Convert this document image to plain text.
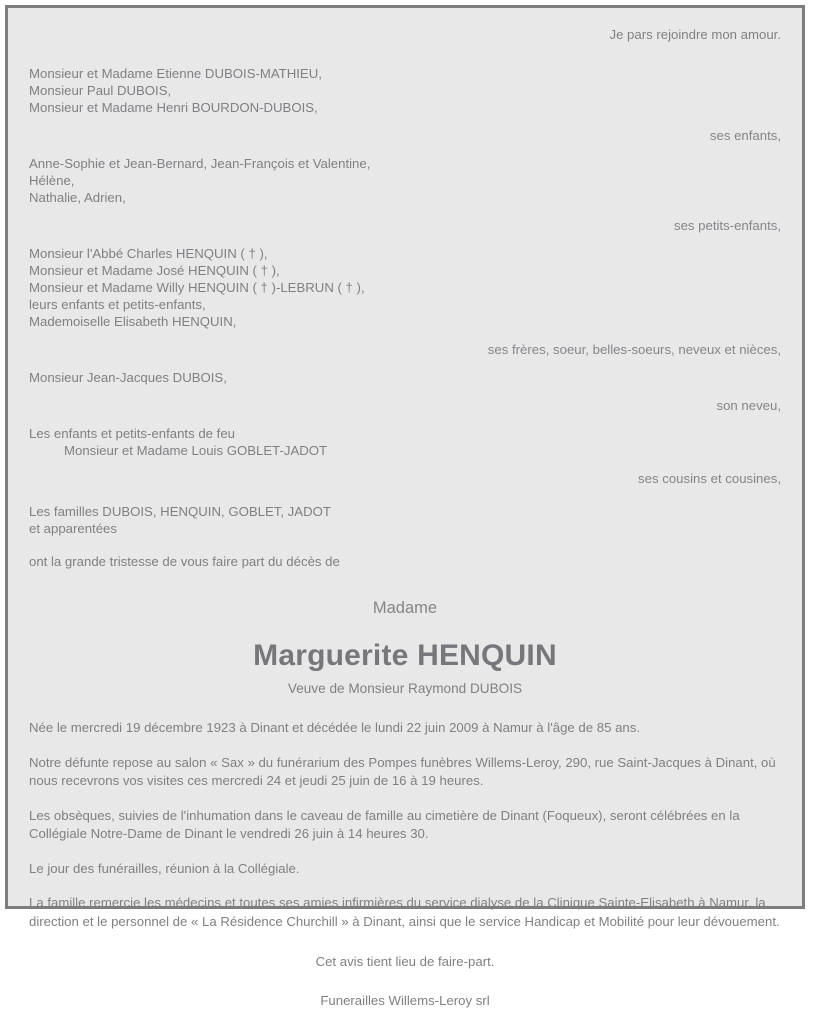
Je pars rejoindre mon amour.
Monsieur et Madame Etienne DUBOIS-MATHIEU,
Monsieur Paul DUBOIS,
Monsieur et Madame Henri BOURDON-DUBOIS,
ses enfants,
Anne-Sophie et Jean-Bernard, Jean-François et Valentine,
Hélène,
Nathalie, Adrien,
ses petits-enfants,
Monsieur l'Abbé Charles HENQUIN ( † ),
Monsieur et Madame José HENQUIN ( † ),
Monsieur et Madame Willy HENQUIN ( † )-LEBRUN ( † ),
leurs enfants et petits-enfants,
Mademoiselle Elisabeth HENQUIN,
ses frères, soeur, belles-soeurs, neveux et nièces,
Monsieur Jean-Jacques DUBOIS,
son neveu,
Les enfants et petits-enfants de feu
Monsieur et Madame Louis GOBLET-JADOT
ses cousins et cousines,
Les familles DUBOIS, HENQUIN, GOBLET, JADOT
et apparentées
ont la grande tristesse de vous faire part du décès de
Madame
Marguerite HENQUIN
Veuve de Monsieur Raymond DUBOIS
Née le mercredi 19 décembre 1923 à Dinant et décédée le lundi 22 juin 2009 à Namur à l'âge de 85 ans.
Notre défunte repose au salon « Sax » du funérarium des Pompes funèbres Willems-Leroy, 290, rue Saint-Jacques à Dinant, où nous recevrons vos visites ces mercredi 24 et jeudi 25 juin de 16 à 19 heures.
Les obsèques, suivies de l'inhumation dans le caveau de famille au cimetière de Dinant (Foqueux), seront célébrées en la Collégiale Notre-Dame de Dinant le vendredi 26 juin à 14 heures 30.
Le jour des funérailles, réunion à la Collégiale.
La famille remercie les médecins et toutes ses amies infirmières du service dialyse de la Clinique Sainte-Elisabeth à Namur, la direction et le personnel de « La Résidence Churchill » à Dinant, ainsi que le service Handicap et Mobilité pour leur dévouement.
Cet avis tient lieu de faire-part.
Funerailles Willems-Leroy srl
